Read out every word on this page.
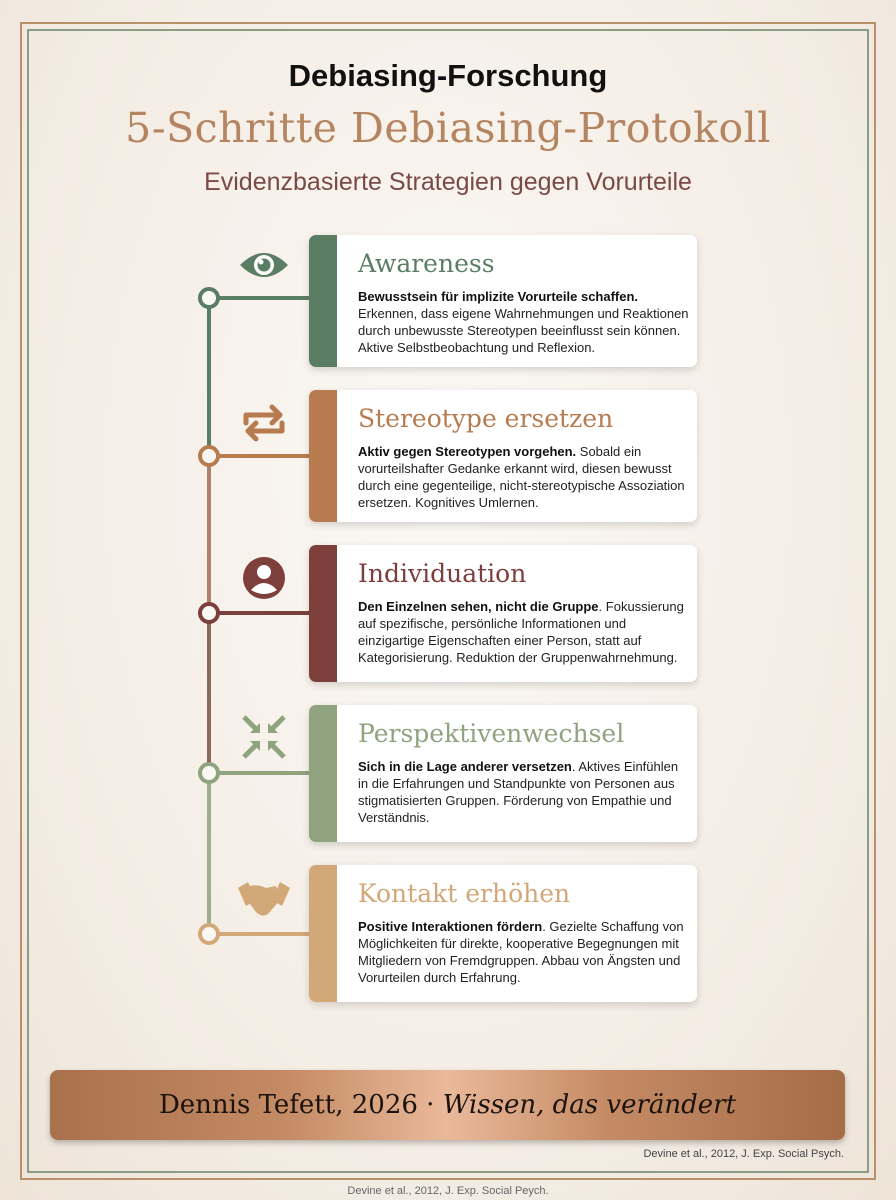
Debiasing-Forschung
5-Schritte Debiasing-Protokoll
Evidenzbasierte Strategien gegen Vorurteile
Awareness
Bewusstsein für implizite Vorurteile schaffen. Erkennen, dass eigene Wahrnehmungen und Reaktionen durch unbewusste Stereotypen beeinflusst sein können. Aktive Selbstbeobachtung und Reflexion.
Stereotype ersetzen
Aktiv gegen Stereotypen vorgehen. Sobald ein vorurteilshafter Gedanke erkannt wird, diesen bewusst durch eine gegenteilige, nicht-stereotypische Assoziation ersetzen. Kognitives Umlernen.
Individuation
Den Einzelnen sehen, nicht die Gruppe. Fokussierung auf spezifische, persönliche Informationen und einzigartige Eigenschaften einer Person, statt auf Kategorisierung. Reduktion der Gruppenwahrnehmung.
Perspektivenwechsel
Sich in die Lage anderer versetzen. Aktives Einfühlen in die Erfahrungen und Standpunkte von Personen aus stigmatisierten Gruppen. Förderung von Empathie und Verständnis.
Kontakt erhöhen
Positive Interaktionen fördern. Gezielte Schaffung von Möglichkeiten für direkte, kooperative Begegnungen mit Mitgliedern von Fremdgruppen. Abbau von Ängsten und Vorurteilen durch Erfahrung.
Dennis Tefett, 2026 · Wissen, das verändert
Devine et al., 2012, J. Exp. Social Psych.
Devine et al., 2012, J. Exp. Social Peych.
